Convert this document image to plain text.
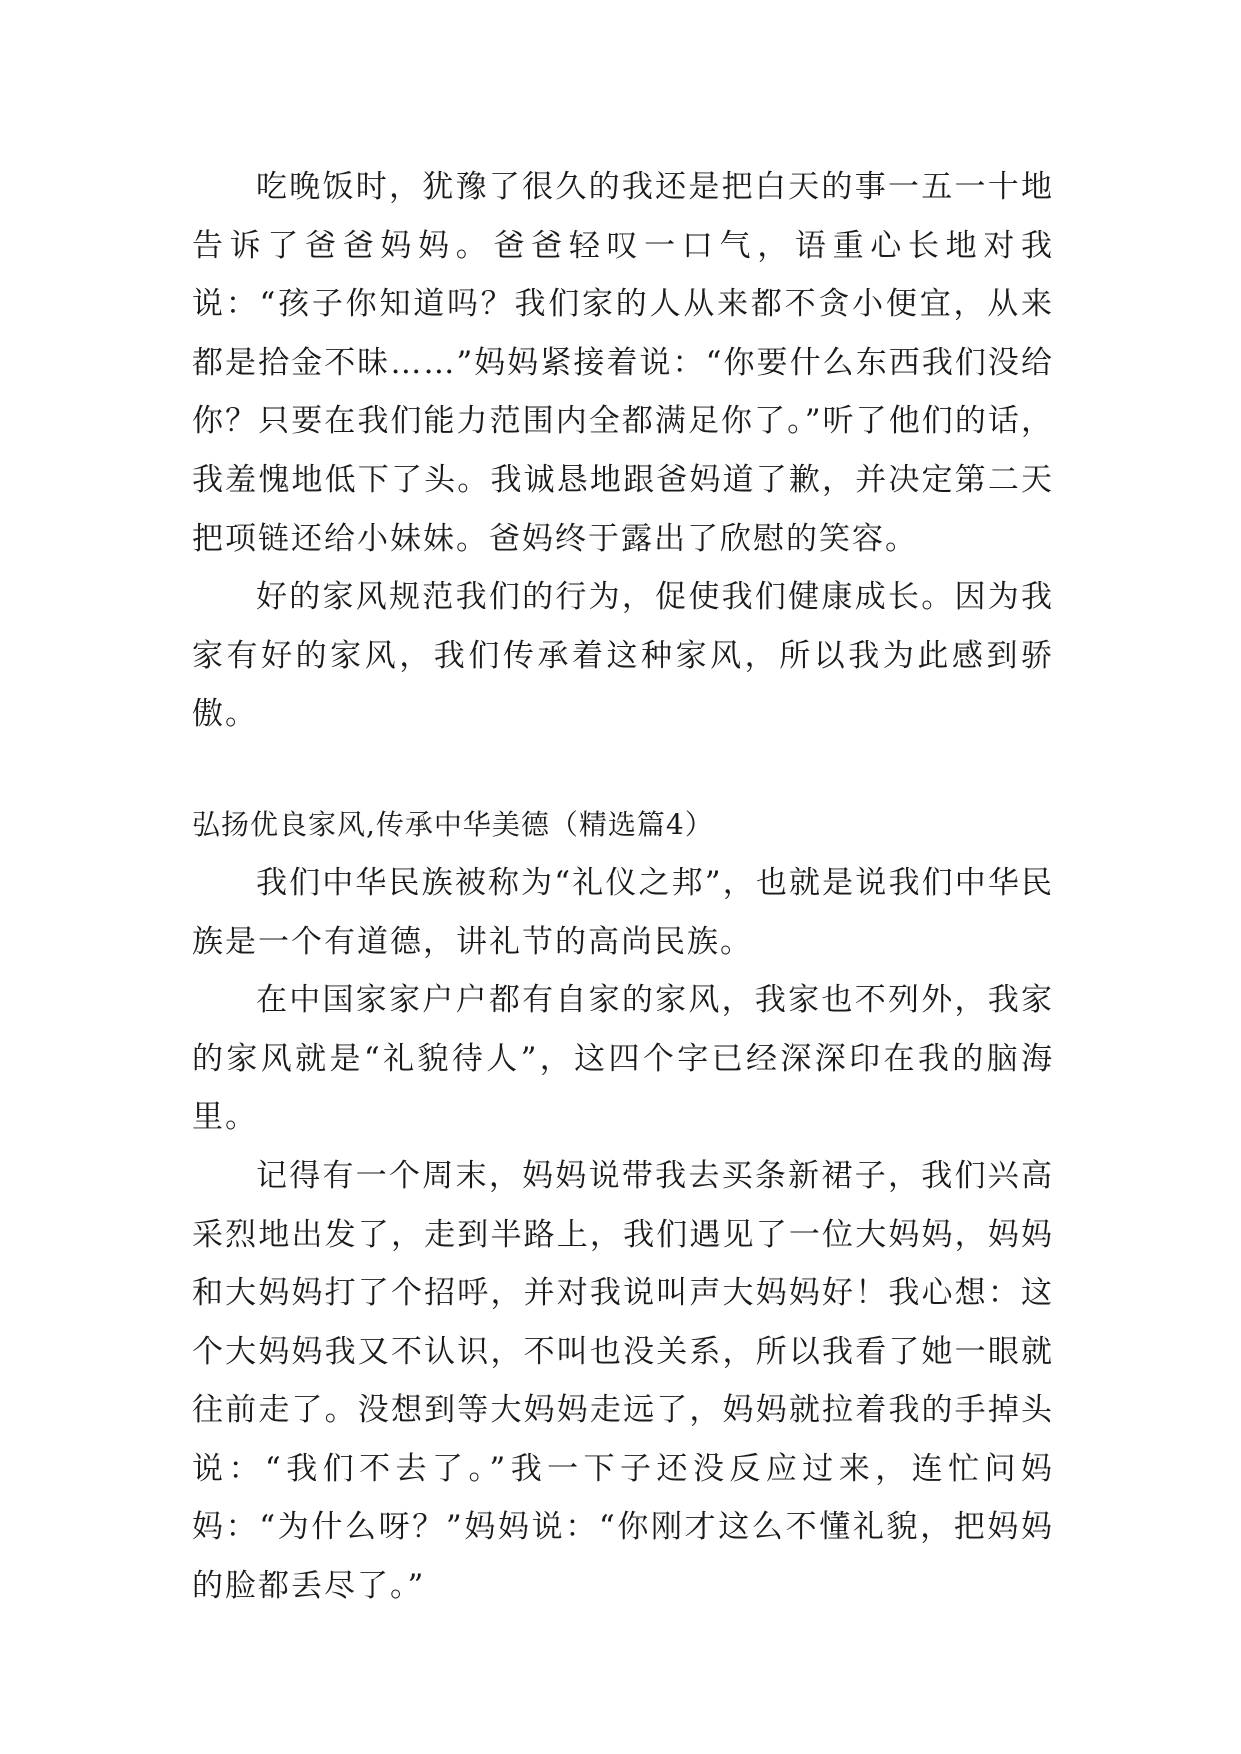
吃晚饭时，犹豫了很久的我还是把白天的事一五一十地告诉了爸爸妈妈。爸爸轻叹一口气，语重心长地对我说：“孩子你知道吗？我们家的人从来都不贪小便宜，从来都是拾金不昧……”妈妈紧接着说：“你要什么东西我们没给你？只要在我们能力范围内全都满足你了。”听了他们的话，我羞愧地低下了头。我诚恳地跟爸妈道了歉，并决定第二天把项链还给小妹妹。爸妈终于露出了欣慰的笑容。

好的家风规范我们的行为，促使我们健康成长。因为我家有好的家风，我们传承着这种家风，所以我为此感到骄傲。

弘扬优良家风,传承中华美德（精选篇4）

我们中华民族被称为“礼仪之邦”，也就是说我们中华民族是一个有道德，讲礼节的高尚民族。

在中国家家户户都有自家的家风，我家也不列外，我家的家风就是“礼貌待人”，这四个字已经深深印在我的脑海里。

记得有一个周末，妈妈说带我去买条新裙子，我们兴高采烈地出发了，走到半路上，我们遇见了一位大妈妈，妈妈和大妈妈打了个招呼，并对我说叫声大妈妈好！我心想：这个大妈妈我又不认识，不叫也没关系，所以我看了她一眼就往前走了。没想到等大妈妈走远了，妈妈就拉着我的手掉头说：“我们不去了。”我一下子还没反应过来，连忙问妈妈：“为什么呀？”妈妈说：“你刚才这么不懂礼貌，把妈妈的脸都丢尽了。”
